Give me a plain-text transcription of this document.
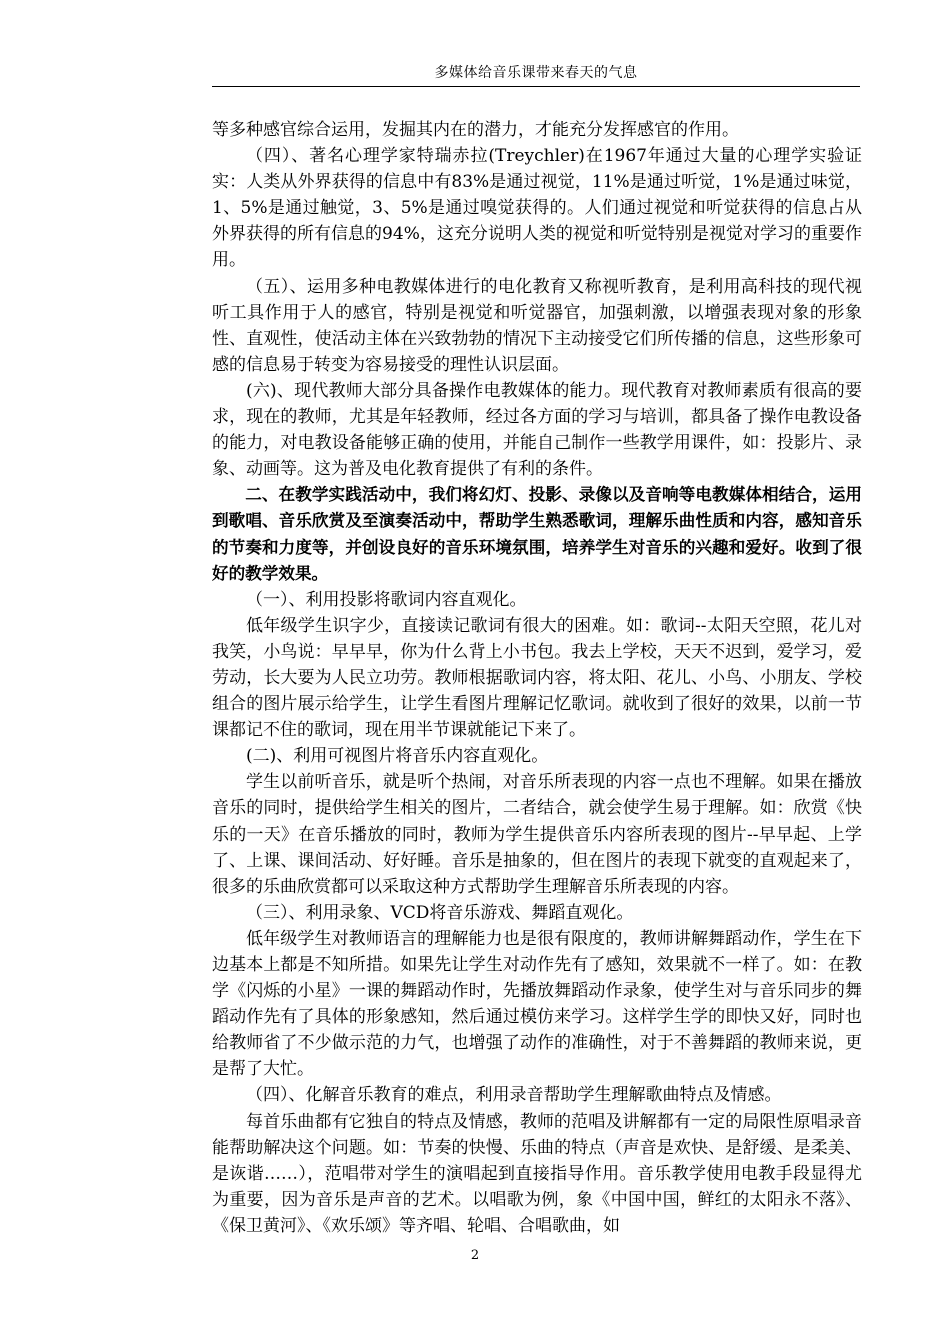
多媒体给音乐课带来春天的气息

等多种感官综合运用，发掘其内在的潜力，才能充分发挥感官的作用。

（四）、著名心理学家特瑞赤拉(Treychler)在1967年通过大量的心理学实验证实：人类从外界获得的信息中有83%是通过视觉，11%是通过听觉，1%是通过味觉，1、5%是通过触觉，3、5%是通过嗅觉获得的。人们通过视觉和听觉获得的信息占从外界获得的所有信息的94%，这充分说明人类的视觉和听觉特别是视觉对学习的重要作用。

（五）、运用多种电教媒体进行的电化教育又称视听教育，是利用高科技的现代视听工具作用于人的感官，特别是视觉和听觉器官，加强刺激，以增强表现对象的形象性、直观性，使活动主体在兴致勃勃的情况下主动接受它们所传播的信息，这些形象可感的信息易于转变为容易接受的理性认识层面。

(六)、现代教师大部分具备操作电教媒体的能力。现代教育对教师素质有很高的要求，现在的教师，尤其是年轻教师，经过各方面的学习与培训，都具备了操作电教设备的能力，对电教设备能够正确的使用，并能自己制作一些教学用课件，如：投影片、录象、动画等。这为普及电化教育提供了有利的条件。

二、在教学实践活动中，我们将幻灯、投影、录像以及音响等电教媒体相结合，运用到歌唱、音乐欣赏及至演奏活动中，帮助学生熟悉歌词，理解乐曲性质和内容，感知音乐的节奏和力度等，并创设良好的音乐环境氛围，培养学生对音乐的兴趣和爱好。收到了很好的教学效果。

（一）、利用投影将歌词内容直观化。

低年级学生识字少，直接读记歌词有很大的困难。如：歌词--太阳天空照，花儿对我笑，小鸟说：早早早，你为什么背上小书包。我去上学校，天天不迟到，爱学习，爱劳动，长大要为人民立功劳。教师根据歌词内容，将太阳、花儿、小鸟、小朋友、学校组合的图片展示给学生，让学生看图片理解记忆歌词。就收到了很好的效果，以前一节课都记不住的歌词，现在用半节课就能记下来了。

(二)、利用可视图片将音乐内容直观化。

学生以前听音乐，就是听个热闹，对音乐所表现的内容一点也不理解。如果在播放音乐的同时，提供给学生相关的图片，二者结合，就会使学生易于理解。如：欣赏《快乐的一天》在音乐播放的同时，教师为学生提供音乐内容所表现的图片--早早起、上学了、上课、课间活动、好好睡。音乐是抽象的，但在图片的表现下就变的直观起来了，很多的乐曲欣赏都可以采取这种方式帮助学生理解音乐所表现的内容。

（三）、利用录象、VCD将音乐游戏、舞蹈直观化。

低年级学生对教师语言的理解能力也是很有限度的，教师讲解舞蹈动作，学生在下边基本上都是不知所措。如果先让学生对动作先有了感知，效果就不一样了。如：在教学《闪烁的小星》一课的舞蹈动作时，先播放舞蹈动作录象，使学生对与音乐同步的舞蹈动作先有了具体的形象感知，然后通过模仿来学习。这样学生学的即快又好，同时也给教师省了不少做示范的力气，也增强了动作的准确性，对于不善舞蹈的教师来说，更是帮了大忙。

（四）、化解音乐教育的难点，利用录音帮助学生理解歌曲特点及情感。

每首乐曲都有它独自的特点及情感，教师的范唱及讲解都有一定的局限性原唱录音能帮助解决这个问题。如：节奏的快慢、乐曲的特点（声音是欢快、是舒缓、是柔美、是诙谐……），范唱带对学生的演唱起到直接指导作用。音乐教学使用电教手段显得尤为重要，因为音乐是声音的艺术。以唱歌为例，象《中国中国，鲜红的太阳永不落》、《保卫黄河》、《欢乐颂》等齐唱、轮唱、合唱歌曲，如

2
